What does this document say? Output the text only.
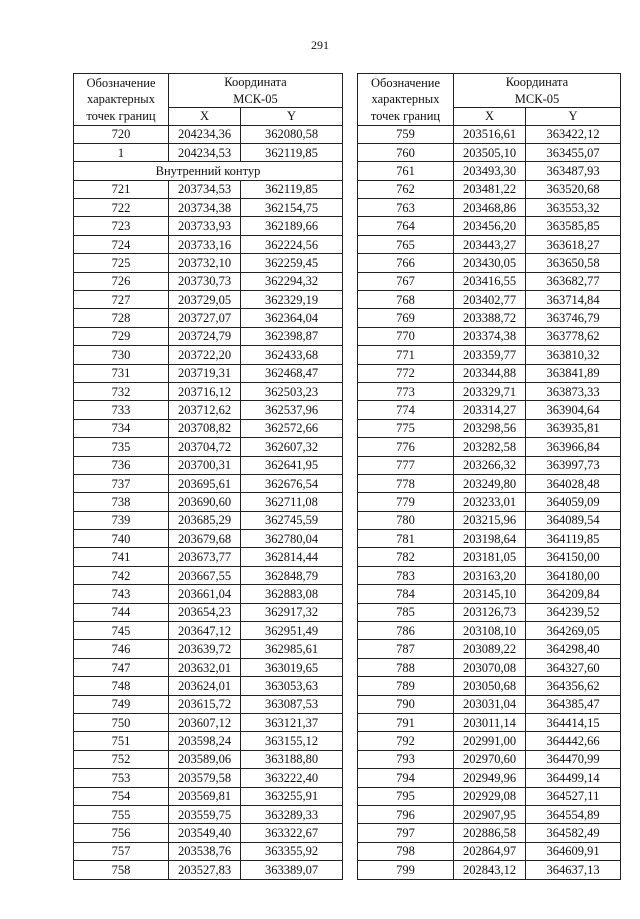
291
Обозначение
характерных
точек границ	Координата
МСК-05	
	X	Y
720	204234,36	362080,58
1	204234,53	362119,85
Внутренний контур		
721	203734,53	362119,85
722	203734,38	362154,75
723	203733,93	362189,66
724	203733,16	362224,56
725	203732,10	362259,45
726	203730,73	362294,32
727	203729,05	362329,19
728	203727,07	362364,04
729	203724,79	362398,87
730	203722,20	362433,68
731	203719,31	362468,47
732	203716,12	362503,23
733	203712,62	362537,96
734	203708,82	362572,66
735	203704,72	362607,32
736	203700,31	362641,95
737	203695,61	362676,54
738	203690,60	362711,08
739	203685,29	362745,59
740	203679,68	362780,04
741	203673,77	362814,44
742	203667,55	362848,79
743	203661,04	362883,08
744	203654,23	362917,32
745	203647,12	362951,49
746	203639,72	362985,61
747	203632,01	363019,65
748	203624,01	363053,63
749	203615,72	363087,53
750	203607,12	363121,37
751	203598,24	363155,12
752	203589,06	363188,80
753	203579,58	363222,40
754	203569,81	363255,91
755	203559,75	363289,33
756	203549,40	363322,67
757	203538,76	363355,92
758	203527,83	363389,07
Обозначение
характерных
точек границ	Координата
МСК-05	
	X	Y
759	203516,61	363422,12
760	203505,10	363455,07
761	203493,30	363487,93
762	203481,22	363520,68
763	203468,86	363553,32
764	203456,20	363585,85
765	203443,27	363618,27
766	203430,05	363650,58
767	203416,55	363682,77
768	203402,77	363714,84
769	203388,72	363746,79
770	203374,38	363778,62
771	203359,77	363810,32
772	203344,88	363841,89
773	203329,71	363873,33
774	203314,27	363904,64
775	203298,56	363935,81
776	203282,58	363966,84
777	203266,32	363997,73
778	203249,80	364028,48
779	203233,01	364059,09
780	203215,96	364089,54
781	203198,64	364119,85
782	203181,05	364150,00
783	203163,20	364180,00
784	203145,10	364209,84
785	203126,73	364239,52
786	203108,10	364269,05
787	203089,22	364298,40
788	203070,08	364327,60
789	203050,68	364356,62
790	203031,04	364385,47
791	203011,14	364414,15
792	202991,00	364442,66
793	202970,60	364470,99
794	202949,96	364499,14
795	202929,08	364527,11
796	202907,95	364554,89
797	202886,58	364582,49
798	202864,97	364609,91
799	202843,12	364637,13
